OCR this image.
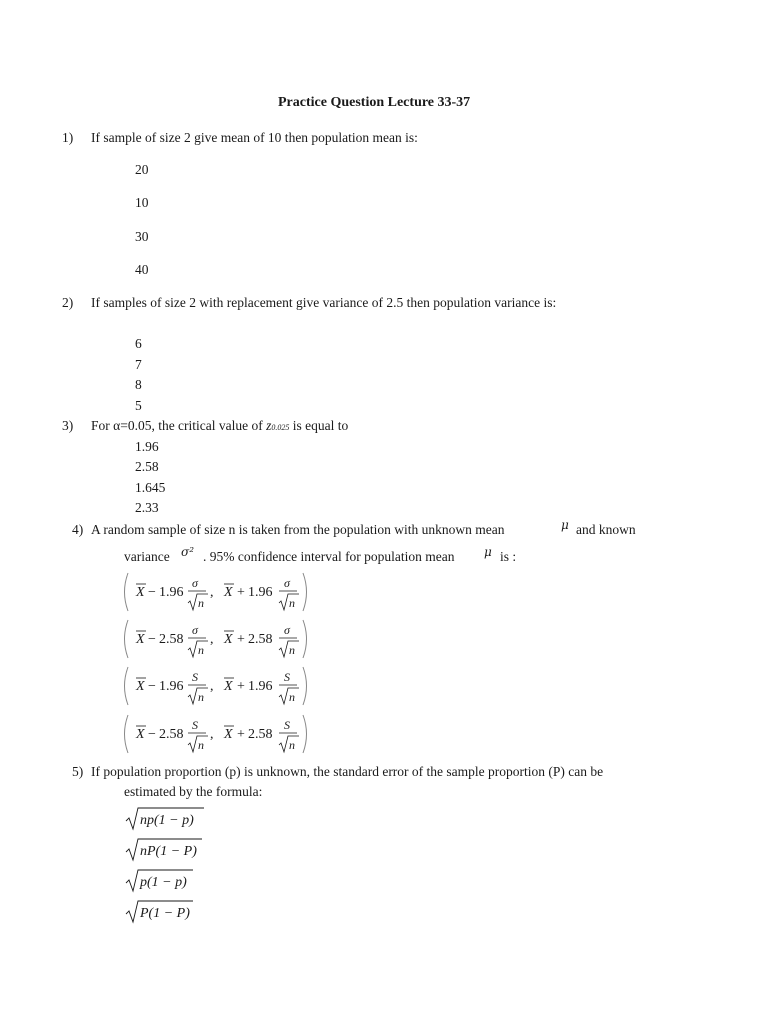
Practice Question Lecture 33-37
1) If sample of size 2 give mean of 10 then population mean is:
20
10
30
40
2) If samples of size 2 with replacement give variance of 2.5 then population variance is:
6
7
8
5
3) For α=0.05, the critical value of z0.025 is equal to
1.96
2.58
1.645
2.33
4) A random sample of size n is taken from the population with unknown mean	μ and known
variance σ² . 95% confidence interval for population mean μ is :
X − 1.96
σ
n
, X + 1.96
σ
n
X − 2.58
σ
n
, X + 2.58
σ
n
X − 1.96
S
n
, X + 1.96
S
n
X − 2.58
S
n
, X + 2.58
S
n
5) If population proportion (p) is unknown, the standard error of the sample proportion (P) can be
estimated by the formula:
np(1 − p)
nP(1 − P)
p(1 − p)
P(1 − P)
